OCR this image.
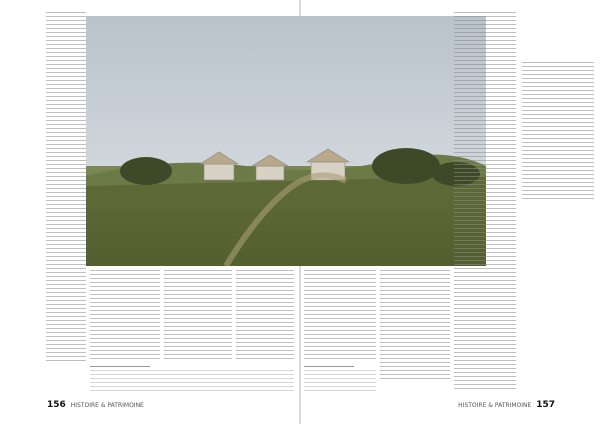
156 HISTOIRE & PATRIMOINE	HISTOIRE & PATRIMOINE 157
